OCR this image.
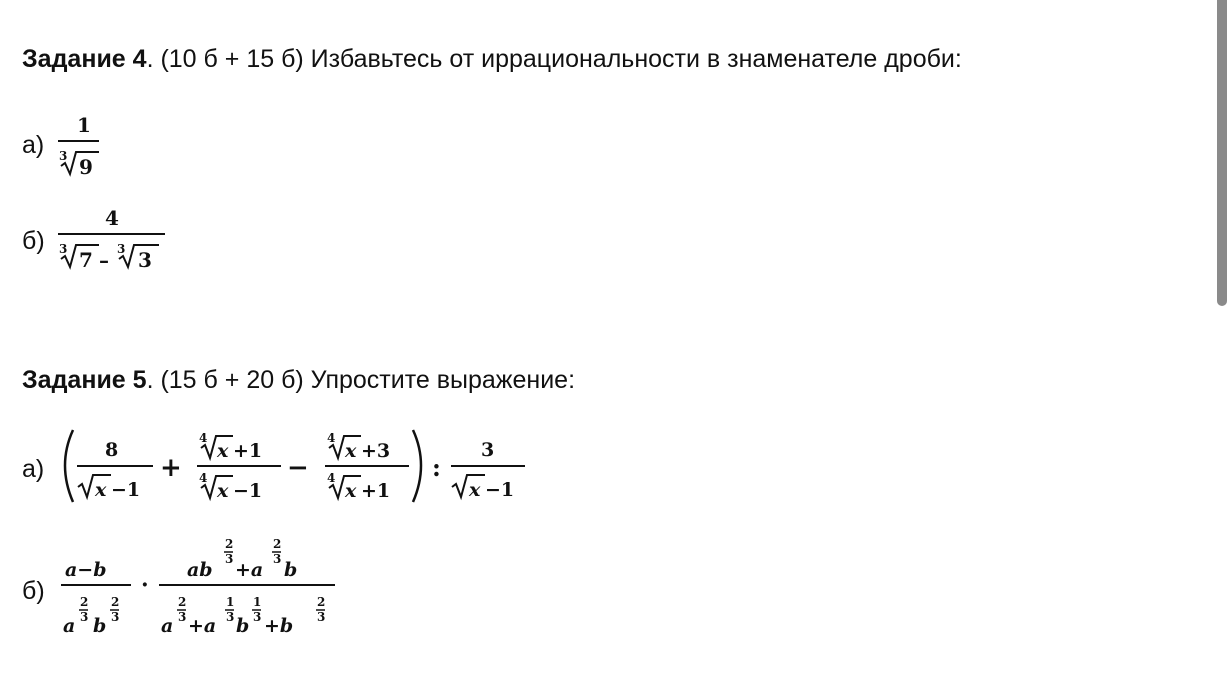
Задание 4. (10 б + 15 б) Избавьтесь от иррациональности в знаменателе дроби:
а)
1
3 9
б)
4
3 7 – 3 3
Задание 5. (15 б + 20 б) Упростите выражение:
а)
8
x −1
+
4
x +1
4
x −1
−
4
x +3
4
x +1
:
3
x −1
б)
a−b
a
2
3 b
2
3
·
ab
2
3 +a
2
3 b
a
2
3 +a
1
3 b
1
3 +b
2
3
